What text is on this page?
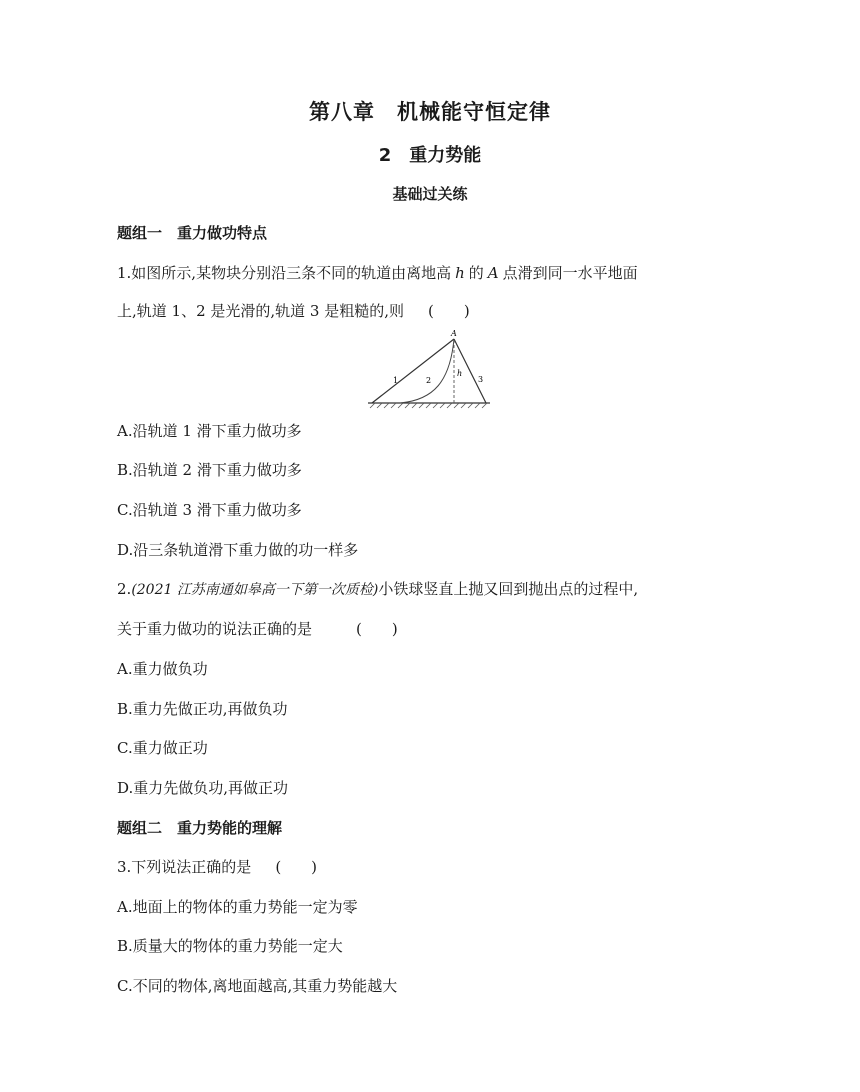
第八章　机械能守恒定律
2　重力势能
基础过关练
题组一　重力做功特点
1.如图所示,某物块分别沿三条不同的轨道由离地高 h 的 A 点滑到同一水平地面
上,轨道 1、2 是光滑的,轨道 3 是粗糙的,则 (　　)
A
1	2	3
h
A.沿轨道 1 滑下重力做功多
B.沿轨道 2 滑下重力做功多
C.沿轨道 3 滑下重力做功多
D.沿三条轨道滑下重力做的功一样多
2.(2021 江苏南通如皋高一下第一次质检)小铁球竖直上抛又回到抛出点的过程中,
关于重力做功的说法正确的是	(　　)
A.重力做负功
B.重力先做正功,再做负功
C.重力做正功
D.重力先做负功,再做正功
题组二　重力势能的理解
3.下列说法正确的是 (　　)
A.地面上的物体的重力势能一定为零
B.质量大的物体的重力势能一定大
C.不同的物体,离地面越高,其重力势能越大
